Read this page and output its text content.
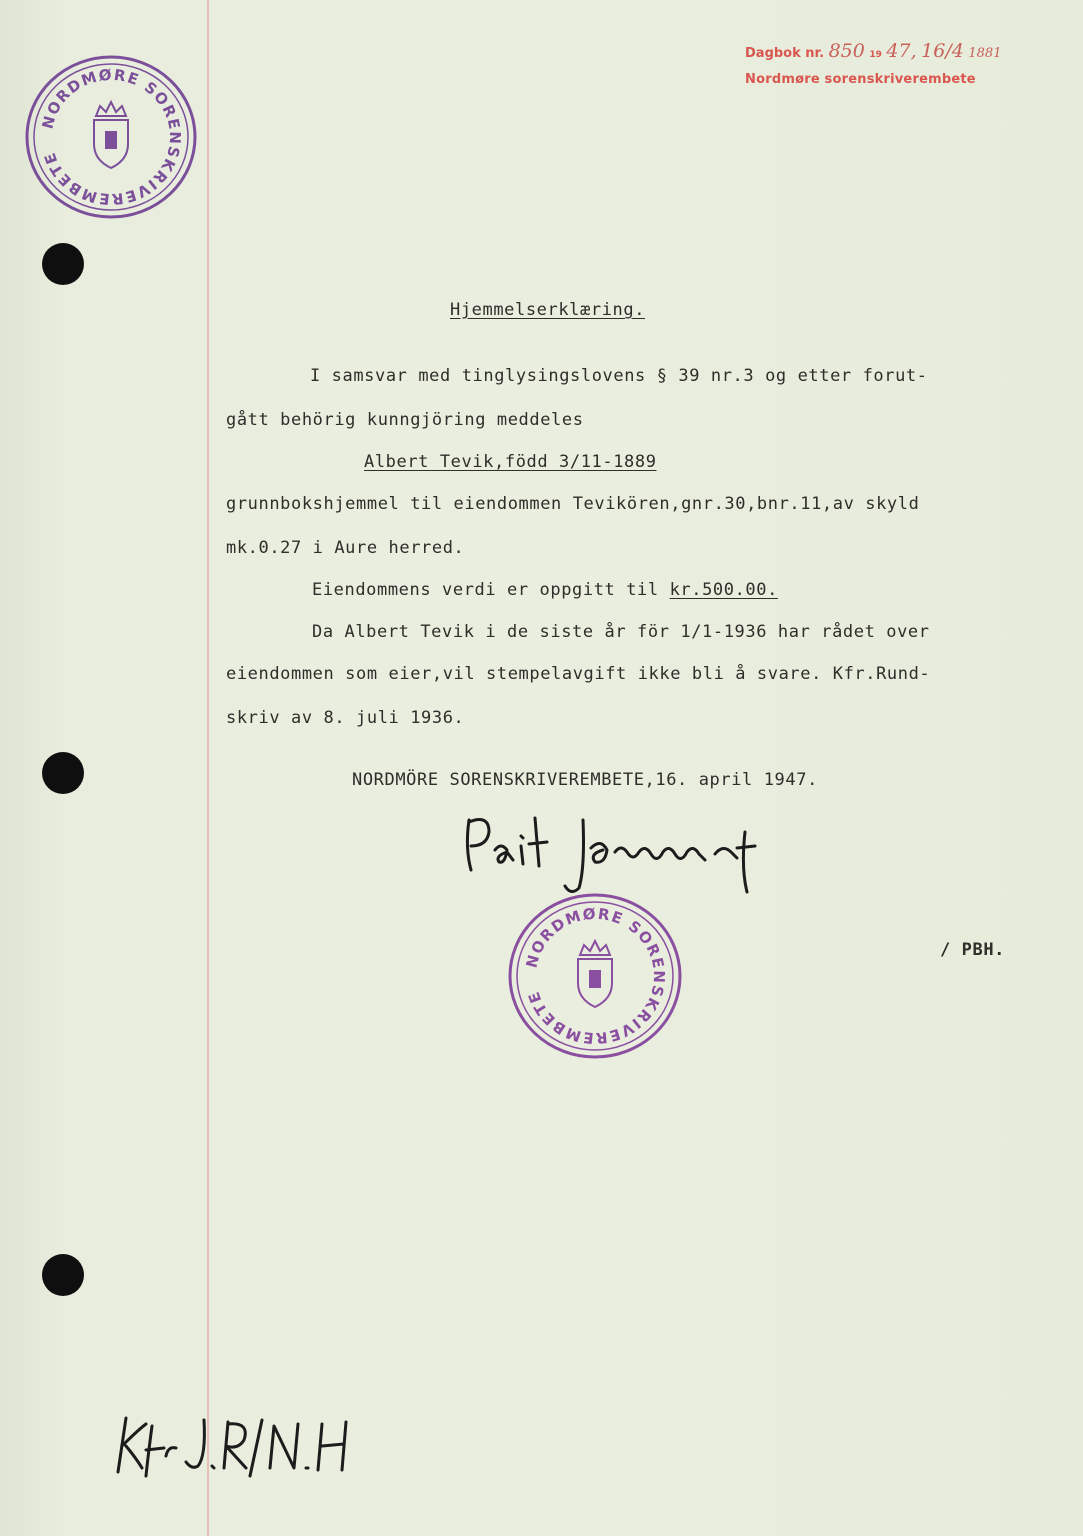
Dagbok nr. 850 19 47, 16/4 1881
Nordmøre sorenskriverembete
NORDMØRE SORENSKRIVEREMBETE
Hjemmelserklæring.
I samsvar med tinglysingslovens § 39 nr.3 og etter forut-
gått behörig kunngjöring meddeles
Albert Tevik,född 3/11-1889
grunnbokshjemmel til eiendommen Tevikören,gnr.30,bnr.11,av skyld
mk.0.27 i Aure herred.
Eiendommens verdi er oppgitt til kr.500.00.
Da Albert Tevik i de siste år för 1/1-1936 har rådet over
eiendommen som eier,vil stempelavgift ikke bli å svare. Kfr.Rund-
skriv av 8. juli 1936.
NORDMÖRE SORENSKRIVEREMBETE,16. april 1947.
NORDMØRE SORENSKRIVEREMBETE
/ PBH.
